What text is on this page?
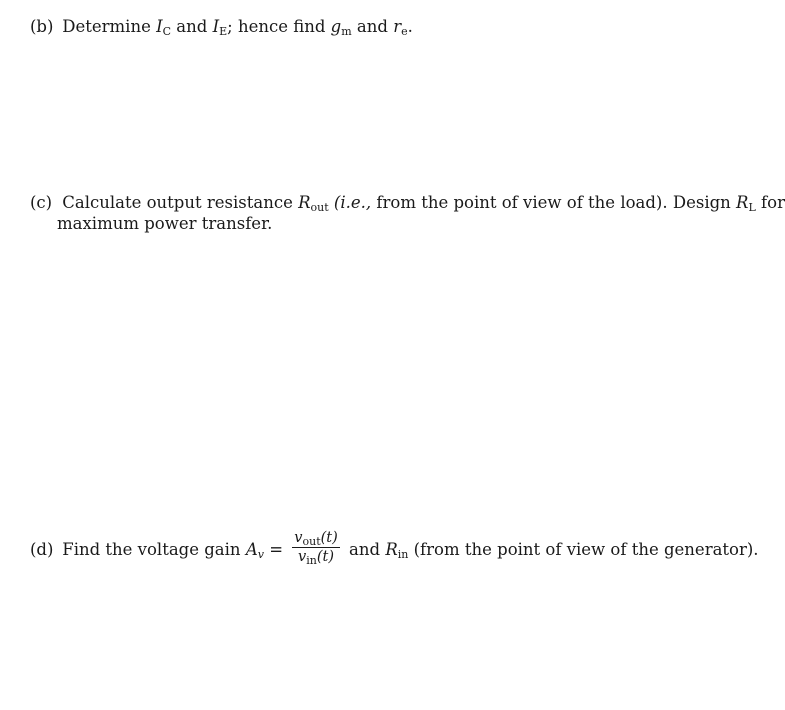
(b) Determine $I_C$ and $I_E$; hence find $g_m$ and $r_e$.
(c) Calculate output resistance $R_{out}$ (i.e., from the point of view of the load). Design $R_L$ for
maximum power transfer.
(d) Find the voltage gain $A_v = \frac{v_{out}(t)}{v_{in}(t)}$ and $R_{in}$ (from the point of view of the generator).
